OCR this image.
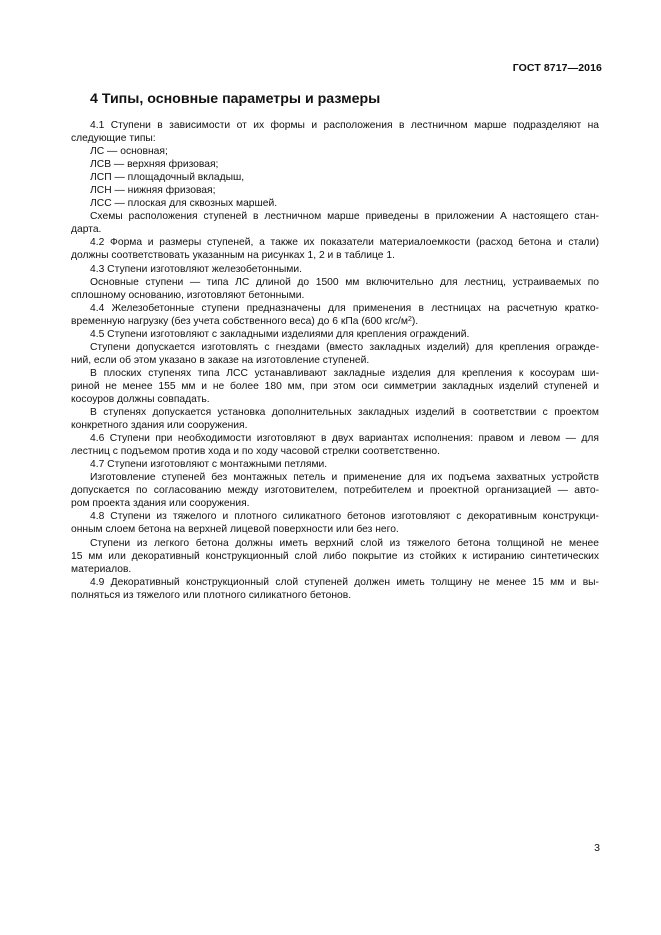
ГОСТ 8717—2016
4 Типы, основные параметры и размеры
4.1 Ступени в зависимости от их формы и расположения в лестничном марше подразделяют на
следующие типы:
ЛС — основная;
ЛСВ — верхняя фризовая;
ЛСП — площадочный вкладыш,
ЛСН — нижняя фризовая;
ЛСС — плоская для сквозных маршей.
Схемы расположения ступеней в лестничном марше приведены в приложении А настоящего стан-
дарта.
4.2 Форма и размеры ступеней, а также их показатели материалоемкости (расход бетона и стали)
должны соответствовать указанным на рисунках 1, 2 и в таблице 1.
4.3 Ступени изготовляют железобетонными.
Основные ступени — типа ЛС длиной до 1500 мм включительно для лестниц, устраиваемых по
сплошному основанию, изготовляют бетонными.
4.4 Железобетонные ступени предназначены для применения в лестницах на расчетную кратко-
временную нагрузку (без учета собственного веса) до 6 кПа (600 кгс/$м^2$).
4.5 Ступени изготовляют с закладными изделиями для крепления ограждений.
Ступени допускается изготовлять с гнездами (вместо закладных изделий) для крепления огражде-
ний, если об этом указано в заказе на изготовление ступеней.
В плоских ступенях типа ЛСС устанавливают закладные изделия для крепления к косоурам ши-
риной не менее 155 мм и не более 180 мм, при этом оси симметрии закладных изделий ступеней и
косоуров должны совпадать.
В ступенях допускается установка дополнительных закладных изделий в соответствии с проектом
конкретного здания или сооружения.
4.6 Ступени при необходимости изготовляют в двух вариантах исполнения: правом и левом — для
лестниц с подъемом против хода и по ходу часовой стрелки соответственно.
4.7 Ступени изготовляют с монтажными петлями.
Изготовление ступеней без монтажных петель и применение для их подъема захватных устройств
допускается по согласованию между изготовителем, потребителем и проектной организацией — авто-
ром проекта здания или сооружения.
4.8 Ступени из тяжелого и плотного силикатного бетонов изготовляют с декоративным конструкци-
онным слоем бетона на верхней лицевой поверхности или без него.
Ступени из легкого бетона должны иметь верхний слой из тяжелого бетона толщиной не менее
15 мм или декоративный конструкционный слой либо покрытие из стойких к истиранию синтетических
материалов.
4.9 Декоративный конструкционный слой ступеней должен иметь толщину не менее 15 мм и вы-
полняться из тяжелого или плотного силикатного бетонов.
3
